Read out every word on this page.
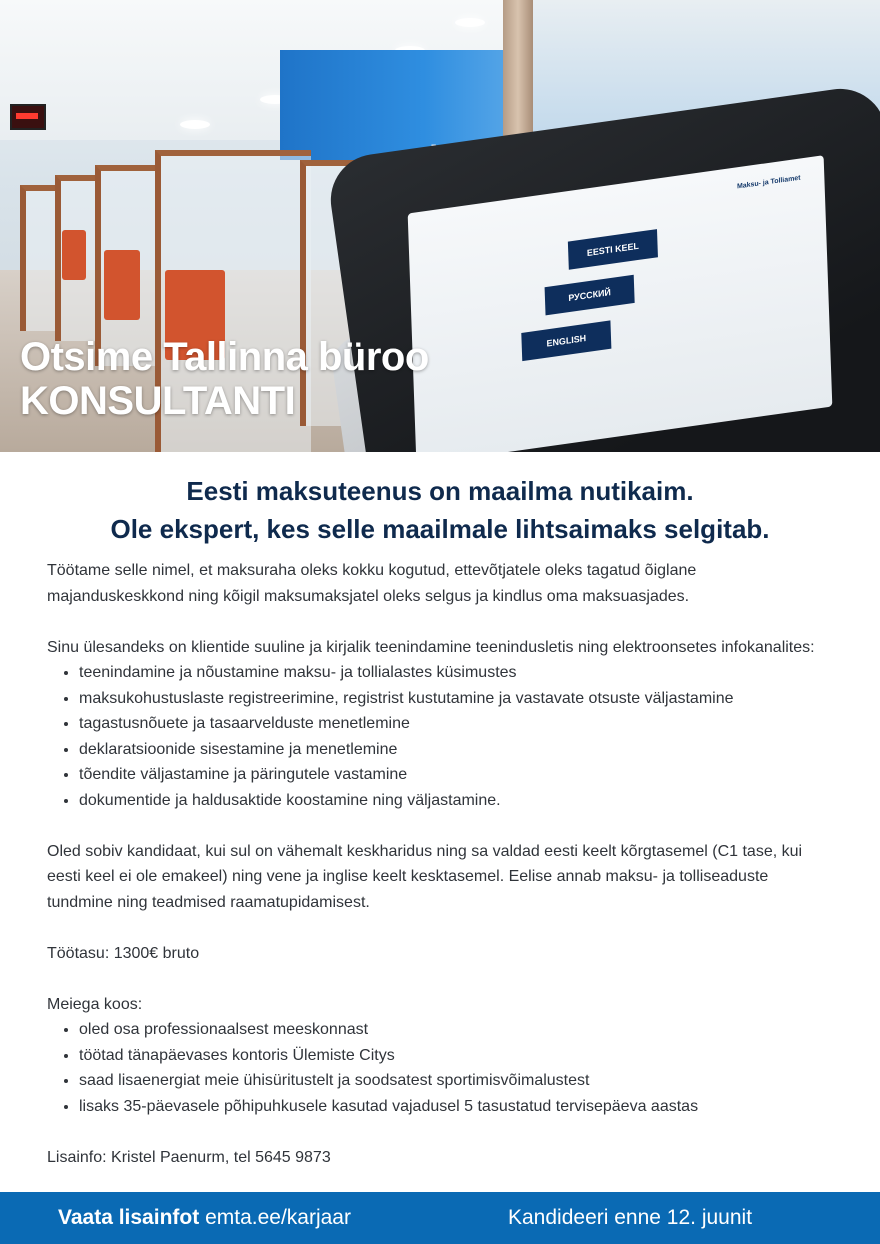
Maksu- ja Tolliamet
EESTI KEEL
РУССКИЙ
ENGLISH
Otsime Tallinna büroo
KONSULTANTI
Eesti maksuteenus on maailma nutikaim.
Ole ekspert, kes selle maailmale lihtsaimaks selgitab.

Töötame selle nimel, et maksuraha oleks kokku kogutud, ettevõtjatele oleks tagatud õiglane majanduskeskkond ning kõigil maksumaksjatel oleks selgus ja kindlus oma maksuasjades.

Sinu ülesandeks on klientide suuline ja kirjalik teenindamine teenindusletis ning elektroonsetes infokanalites:

• teenindamine ja nõustamine maksu- ja tollialastes küsimustes
• maksukohustuslaste registreerimine, registrist kustutamine ja vastavate otsuste väljastamine
• tagastusnõuete ja tasaarvelduste menetlemine
• deklaratsioonide sisestamine ja menetlemine
• tõendite väljastamine ja päringutele vastamine
• dokumentide ja haldusaktide koostamine ning väljastamine.

Oled sobiv kandidaat, kui sul on vähemalt keskharidus ning sa valdad eesti keelt kõrgtasemel (C1 tase, kui eesti keel ei ole emakeel) ning vene ja inglise keelt kesktasemel. Eelise annab maksu- ja tolliseaduste tundmine ning teadmised raamatupidamisest.

Töötasu: 1300€ bruto

Meiega koos:

• oled osa professionaalsest meeskonnast
• töötad tänapäevases kontoris Ülemiste Citys
• saad lisaenergiat meie ühisüritustelt ja soodsatest sportimisvõimalustest
• lisaks 35-päevasele põhipuhkusele kasutad vajadusel 5 tasustatud tervisepäeva aastas

Lisainfo: Kristel Paenurm, tel 5645 9873

Vaata lisainfot emta.ee/karjaar	Kandideeri enne 12. juunit
